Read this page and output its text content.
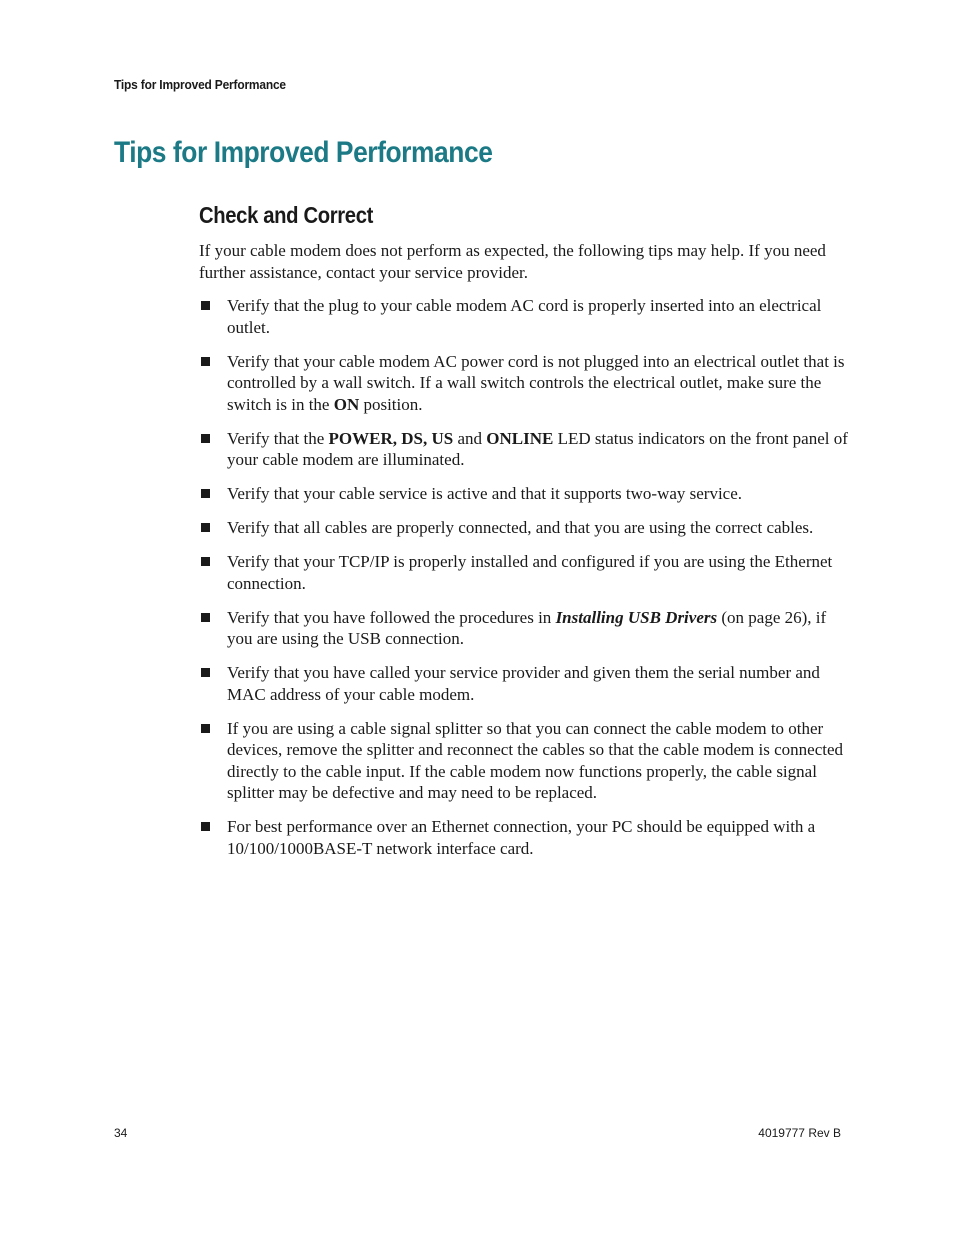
Tips for Improved Performance
Tips for Improved Performance
Check and Correct

If your cable modem does not perform as expected, the following tips may help. If you need further assistance, contact your service provider.

Verify that the plug to your cable modem AC cord is properly inserted into an electrical outlet.
Verify that your cable modem AC power cord is not plugged into an electrical outlet that is controlled by a wall switch. If a wall switch controls the electrical outlet, make sure the switch is in the ON position.
Verify that the POWER, DS, US and ONLINE LED status indicators on the front panel of your cable modem are illuminated.
Verify that your cable service is active and that it supports two-way service.
Verify that all cables are properly connected, and that you are using the correct cables.
Verify that your TCP/IP is properly installed and configured if you are using the Ethernet connection.
Verify that you have followed the procedures in Installing USB Drivers (on page 26), if you are using the USB connection.
Verify that you have called your service provider and given them the serial number and MAC address of your cable modem.
If you are using a cable signal splitter so that you can connect the cable modem to other devices, remove the splitter and reconnect the cables so that the cable modem is connected directly to the cable input. If the cable modem now functions properly, the cable signal splitter may be defective and may need to be replaced.
For best performance over an Ethernet connection, your PC should be equipped with a 10/100/1000BASE-T network interface card.
34	4019777 Rev B
